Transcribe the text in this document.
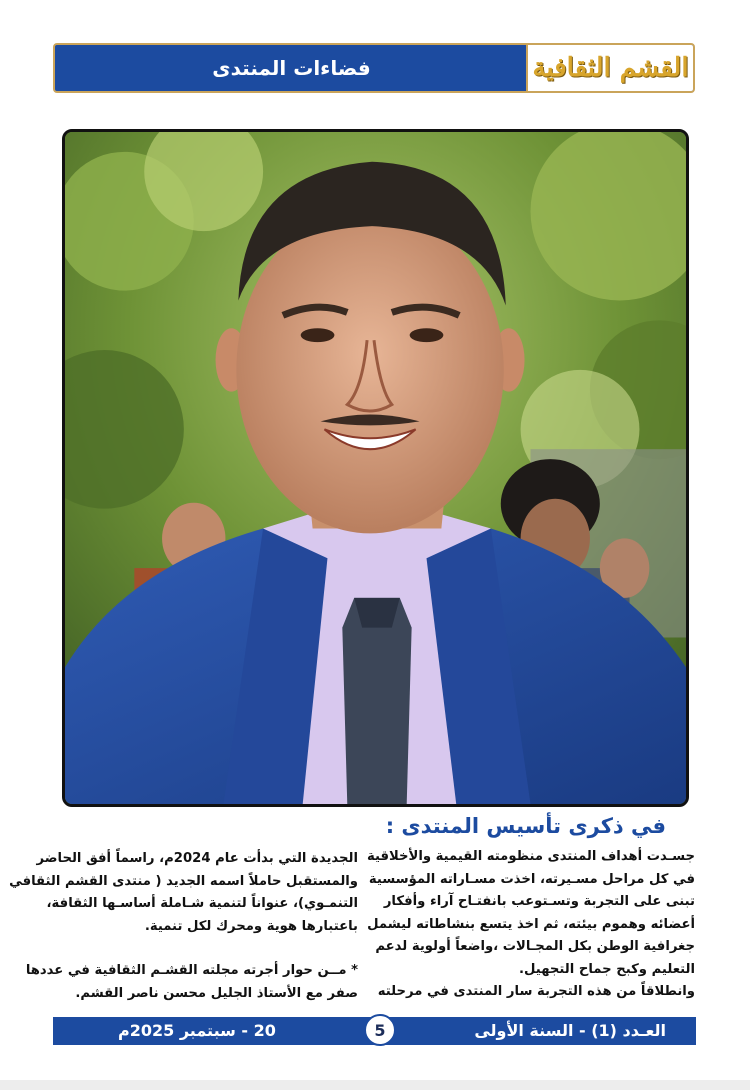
القشم الثقافية
فضاءات المنتدى
في ذكرى تأسيس المنتدى :

جسـدت أهداف المنتدى منظومته القيمية والأخلاقية

في كل مراحل مسـيرته، اخذت مسـاراته المؤسسية

تبنى على التجربة وتسـتوعب بانفتـاح آراء وأفكار

أعضائه وهموم بيئته، ثم اخذ يتسع بنشاطاته ليشمل

جغرافية الوطن بكل المجـالات ،واضعاً أولوية لدعم

التعليم وكبح جماح التجهيل.

وانطلاقاً من هذه التجربة سار المنتدى في مرحلته

الجديدة التي بدأت عام 2024م، راسماً أفق الحاضر

والمستقبل حاملاً اسمه الجديد ( منتدى القشم الثقافي

التنمـوي)، عنواناً لتنمية شـاملة أساسـها الثقافة،

باعتبارها هوية ومحرك لكل تنمية.

* مــن حوار أجرته مجلته القشـم الثقافية في عددها

صفر مع الأستاذ الجليل محسن ناصر القشم.

العـدد (1) - السنة الأولى
5
20 - سبتمبر 2025م
